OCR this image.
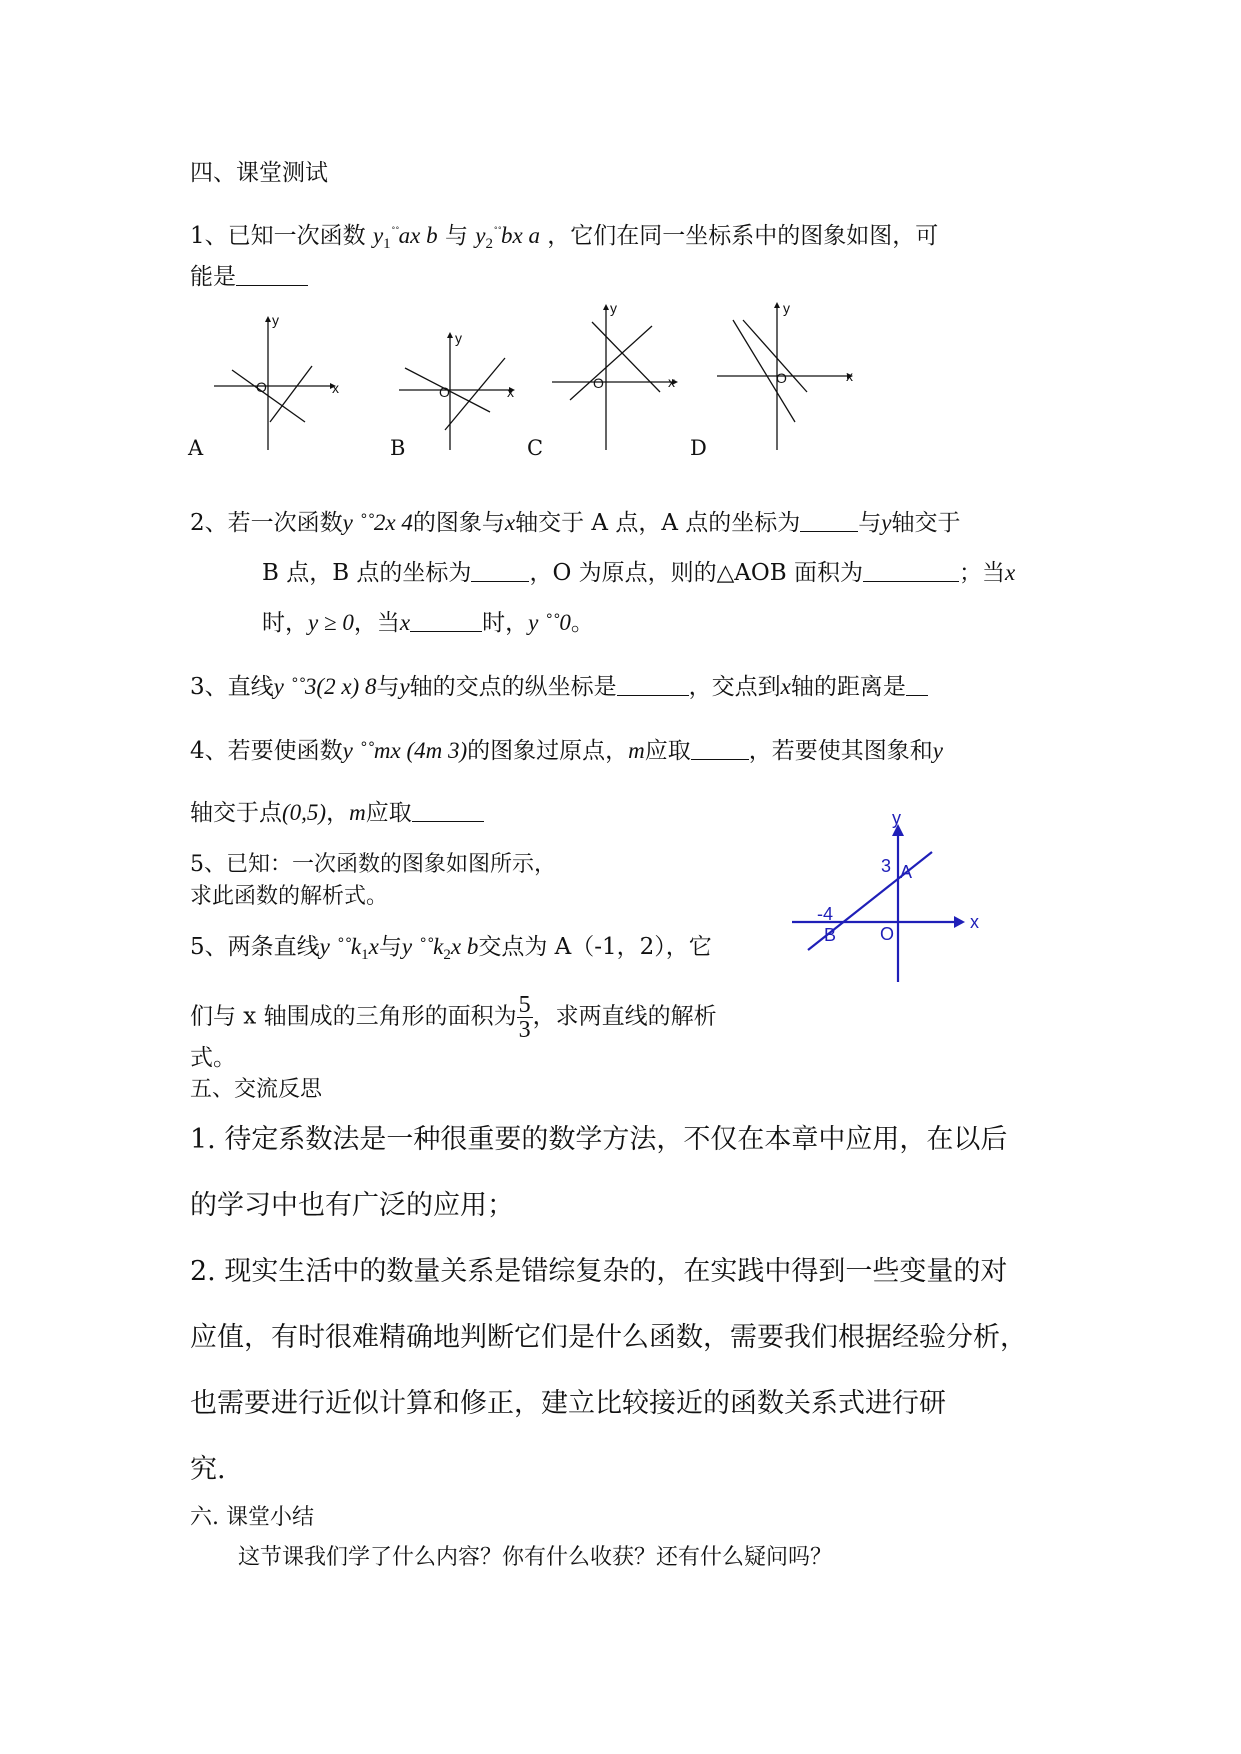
四、课堂测试
1、已知一次函数 $y_1^{˚˚}ax$ b 与 $y_2^{˚˚}bx$ a ，它们在同一坐标系中的图象如图，可
能是
y
x
O
A
y
x
O
B
y
x
O
C
y
x
O
D
2、若一次函数y ˚˚2x 4的图象与x轴交于 A 点，A 点的坐标为	与y轴交于
B 点，B 点的坐标为	，O 为原点，则的△AOB 面积为	；当x
时，y ≥ 0，当x	时，y ˚˚0。
3、直线y ˚˚3(2 x) 8与y轴的交点的纵坐标是	，交点到x轴的距离是
4、若要使函数y ˚˚mx (4m 3)的图象过原点，m应取	，若要使其图象和y
轴交于点(0,5)，m应取
5、已知：一次函数的图象如图所示，
求此函数的解析式。
y
x
3 A
-4
B O
5、两条直线y $˚˚k_1x$与y $˚˚k_2x$ b交点为 A（-1，2），它
们与 x 轴围成的三角形的面积为 $\frac{5}{3}$ ，求两直线的解析
式。
五、交流反思
1. 待定系数法是一种很重要的数学方法，不仅在本章中应用，在以后
的学习中也有广泛的应用；
2. 现实生活中的数量关系是错综复杂的，在实践中得到一些变量的对
应值，有时很难精确地判断它们是什么函数，需要我们根据经验分析，
也需要进行近似计算和修正，建立比较接近的函数关系式进行研
究.
六. 课堂小结
这节课我们学了什么内容？你有什么收获？还有什么疑问吗？
